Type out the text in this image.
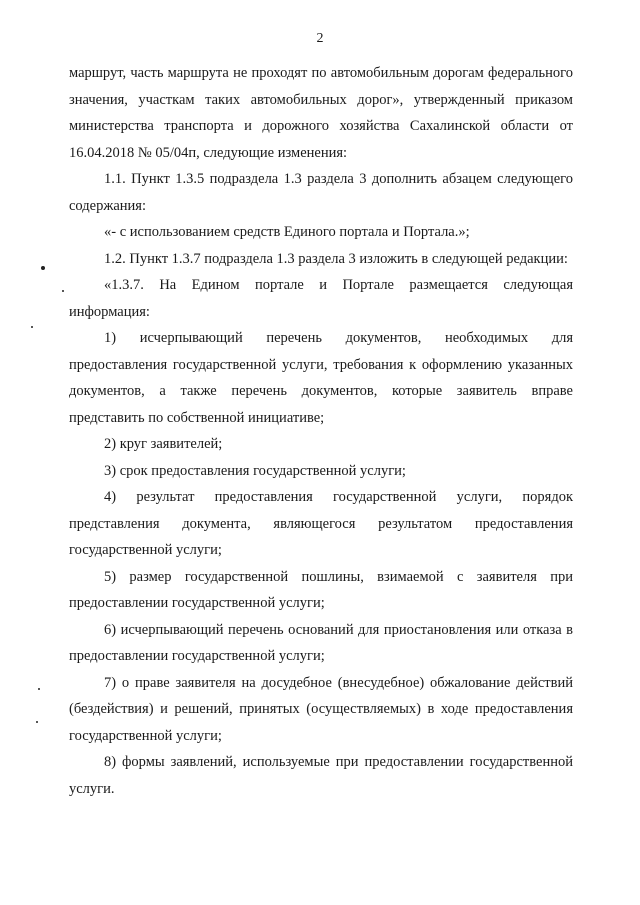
2

маршрут, часть маршрута не проходят по автомобильным дорогам федерального значения, участкам таких автомобильных дорог», утвержденный приказом министерства транспорта и дорожного хозяйства Сахалинской области от 16.04.2018 № 05/04п, следующие изменения:

1.1. Пункт 1.3.5 подраздела 1.3 раздела 3 дополнить абзацем следующего содержания:

«- с использованием средств Единого портала и Портала.»;

1.2. Пункт 1.3.7 подраздела 1.3 раздела 3 изложить в следующей редакции:

«1.3.7. На Едином портале и Портале размещается следующая информация:

1) исчерпывающий перечень документов, необходимых для предоставления государственной услуги, требования к оформлению указанных документов, а также перечень документов, которые заявитель вправе представить по собственной инициативе;

2) круг заявителей;

3) срок предоставления государственной услуги;

4) результат предоставления государственной услуги, порядок представления документа, являющегося результатом предоставления государственной услуги;

5) размер государственной пошлины, взимаемой с заявителя при предоставлении государственной услуги;

6) исчерпывающий перечень оснований для приостановления или отказа в предоставлении государственной услуги;

7) о праве заявителя на досудебное (внесудебное) обжалование действий (бездействия) и решений, принятых (осуществляемых) в ходе предоставления государственной услуги;

8) формы заявлений, используемые при предоставлении государственной услуги.
